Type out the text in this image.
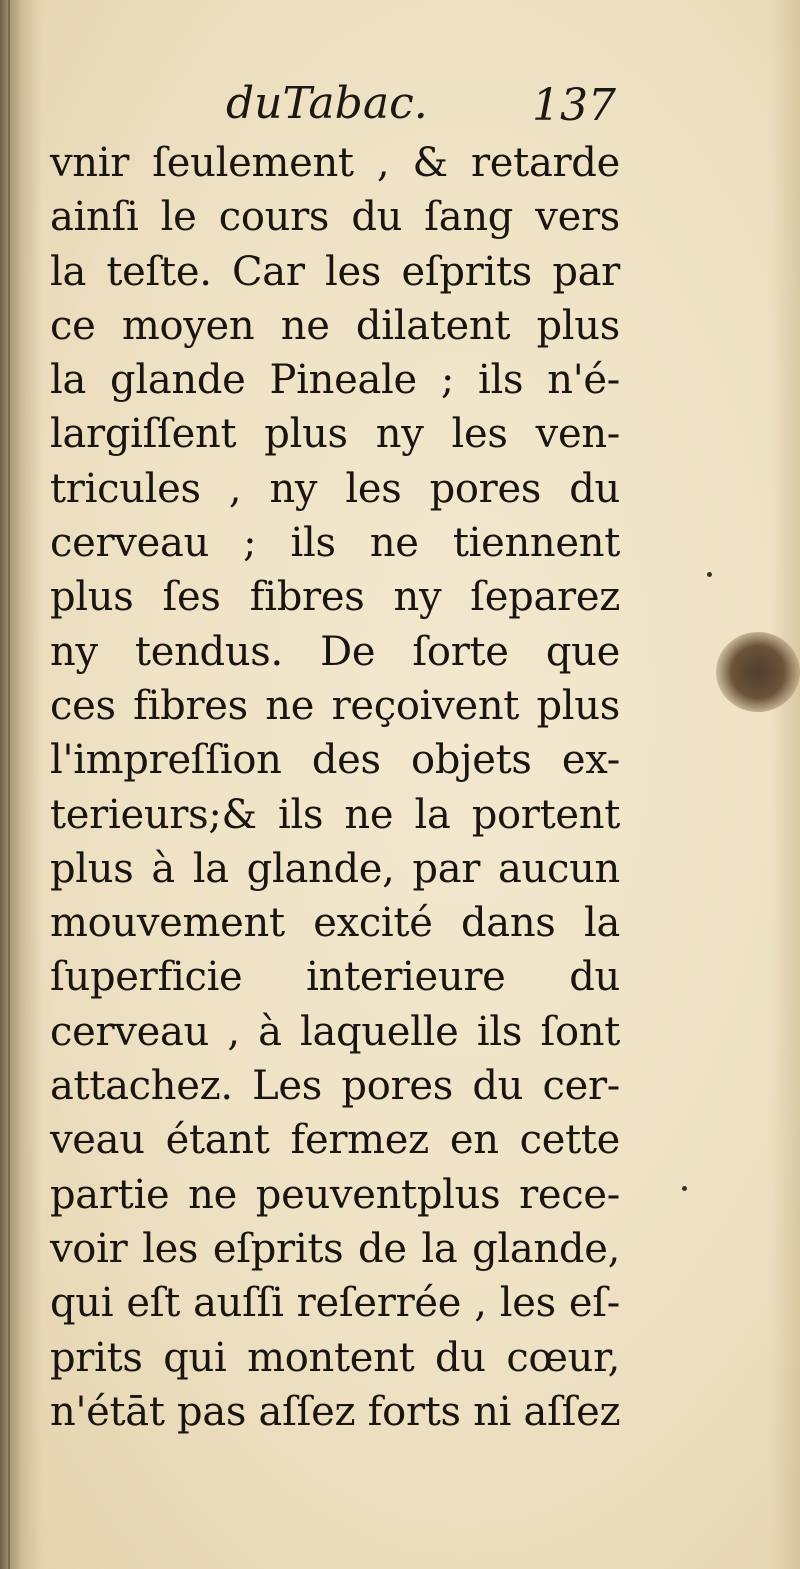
duTabac. 137
vnir ſeulement , & retarde
ainſi le cours du ſang vers
la teſte. Car les eſprits par
ce moyen ne dilatent plus
la glande Pineale ; ils n'é-
largiſſent plus ny les ven-
tricules , ny les pores du
cerveau ; ils ne tiennent
plus ſes fibres ny ſeparez
ny tendus. De ſorte que
ces fibres ne reçoivent plus
l'impreſſion des objets ex-
terieurs;& ils ne la portent
plus à la glande, par aucun
mouvement excité dans la
ſuperficie interieure du
cerveau , à laquelle ils ſont
attachez. Les pores du cer-
veau étant fermez en cette
partie ne peuventplus rece-
voir les eſprits de la glande,
qui eſt auſſi reſerrée , les eſ-
prits qui montent du cœur,
n'étāt pas aſſez forts ni aſſez
